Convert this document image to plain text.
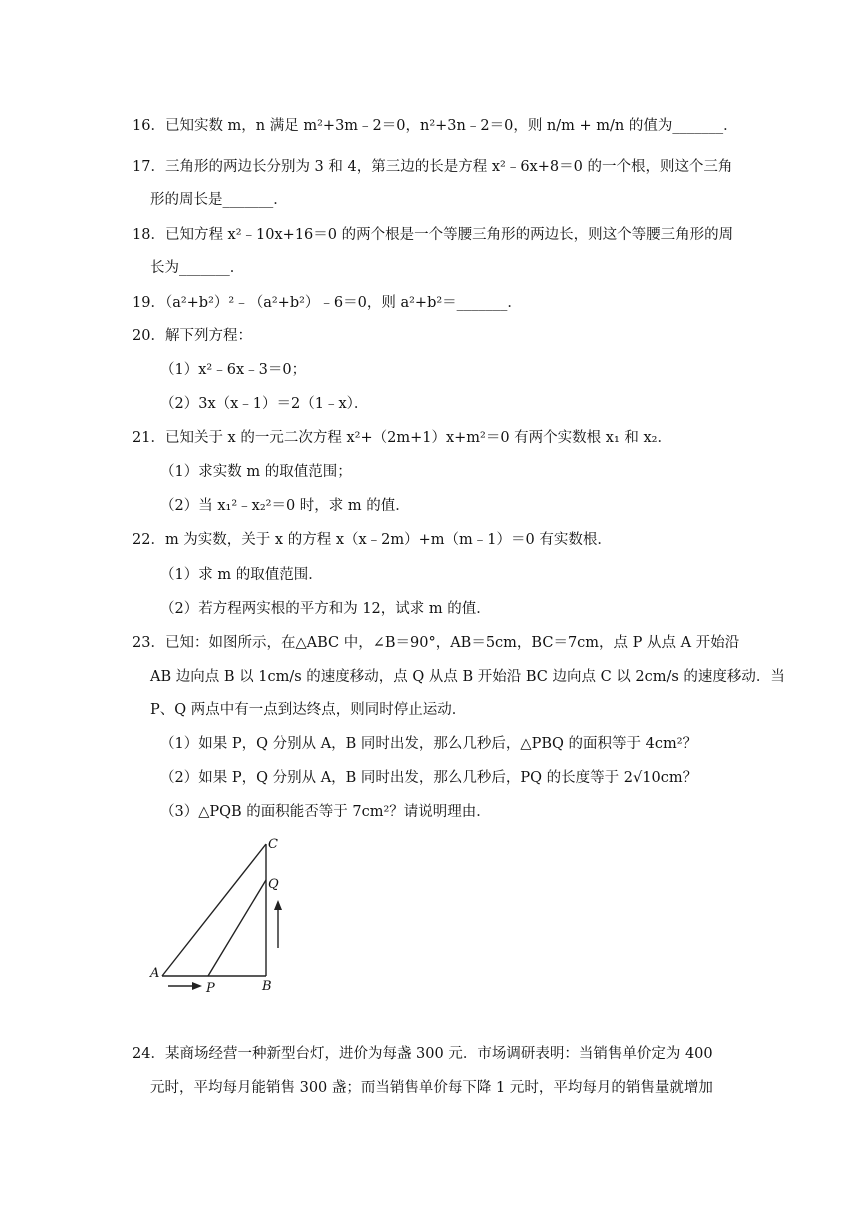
16．已知实数 m，n 满足 m²+3m﹣2＝0，n²+3n﹣2＝0，则 n/m + m/n 的值为_______．
17．三角形的两边长分别为 3 和 4，第三边的长是方程 x²﹣6x+8＝0 的一个根，则这个三角
形的周长是_______．
18．已知方程 x²﹣10x+16＝0 的两个根是一个等腰三角形的两边长，则这个等腰三角形的周
长为_______．
19．（a²+b²）²﹣（a²+b²）﹣6＝0，则 a²+b²＝_______．
20．解下列方程：
（1）x²﹣6x﹣3＝0；
（2）3x（x﹣1）＝2（1﹣x）．
21．已知关于 x 的一元二次方程 x²+（2m+1）x+m²＝0 有两个实数根 x₁ 和 x₂．
（1）求实数 m 的取值范围；
（2）当 x₁²﹣x₂²＝0 时，求 m 的值．
22．m 为实数，关于 x 的方程 x（x﹣2m）+m（m﹣1）＝0 有实数根．
（1）求 m 的取值范围．
（2）若方程两实根的平方和为 12，试求 m 的值．
23．已知：如图所示，在△ABC 中，∠B＝90°，AB＝5cm，BC＝7cm，点 P 从点 A 开始沿
AB 边向点 B 以 1cm/s 的速度移动，点 Q 从点 B 开始沿 BC 边向点 C 以 2cm/s 的速度移动．当
P、Q 两点中有一点到达终点，则同时停止运动．
（1）如果 P，Q 分别从 A，B 同时出发，那么几秒后，△PBQ 的面积等于 4cm²？
（2）如果 P，Q 分别从 A，B 同时出发，那么几秒后，PQ 的长度等于 2√10cm？
（3）△PQB 的面积能否等于 7cm²？请说明理由．
C
Q
A
P	B
24．某商场经营一种新型台灯，进价为每盏 300 元．市场调研表明：当销售单价定为 400
元时，平均每月能销售 300 盏；而当销售单价每下降 1 元时，平均每月的销售量就增加
